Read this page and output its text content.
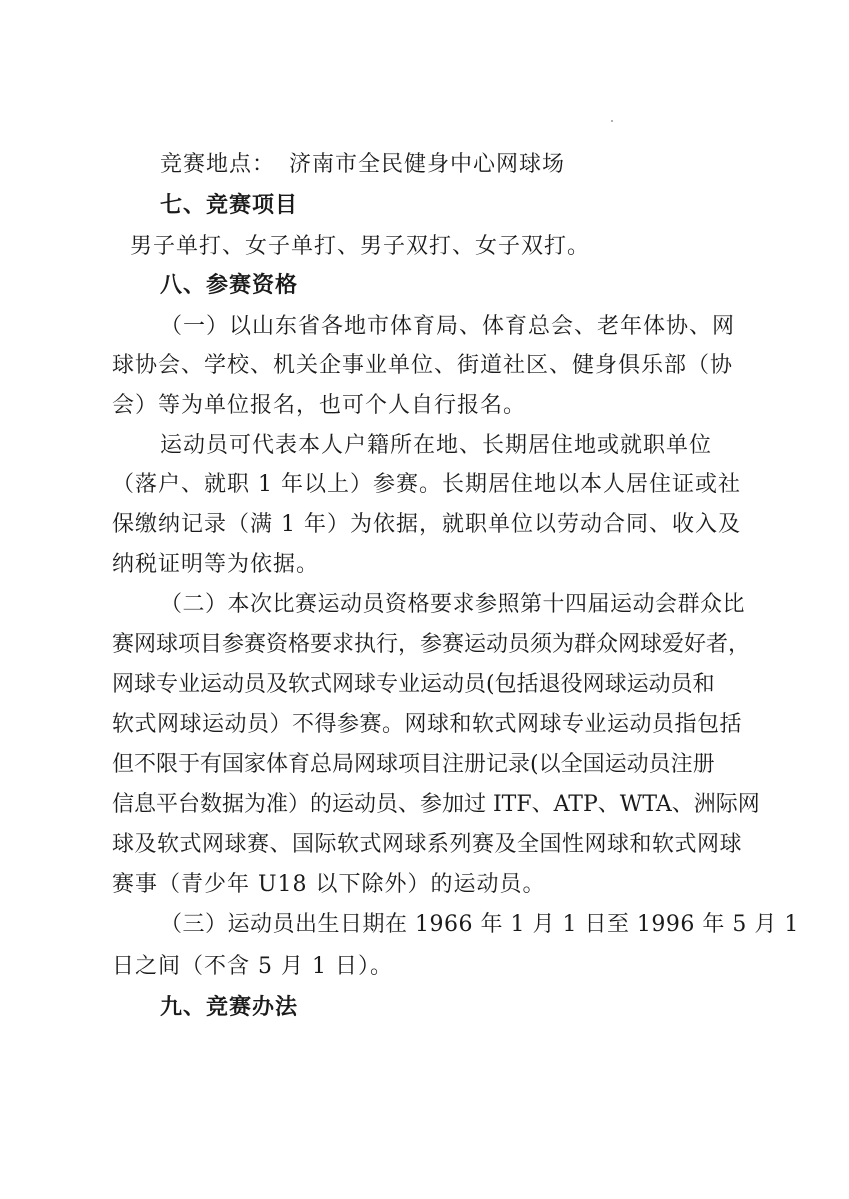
竞赛地点： 济南市全民健身中心网球场
七、竞赛项目
男子单打、女子单打、男子双打、女子双打。
八、参赛资格
（一）以山东省各地市体育局、体育总会、老年体协、网
球协会、学校、机关企事业单位、街道社区、健身俱乐部（协
会）等为单位报名，也可个人自行报名。
运动员可代表本人户籍所在地、长期居住地或就职单位
（落户、就职 1 年以上）参赛。长期居住地以本人居住证或社
保缴纳记录（满 1 年）为依据，就职单位以劳动合同、收入及
纳税证明等为依据。
（二）本次比赛运动员资格要求参照第十四届运动会群众比
赛网球项目参赛资格要求执行，参赛运动员须为群众网球爱好者，
网球专业运动员及软式网球专业运动员(包括退役网球运动员和
软式网球运动员）不得参赛。网球和软式网球专业运动员指包括
但不限于有国家体育总局网球项目注册记录(以全国运动员注册
信息平台数据为准）的运动员、参加过 ITF、ATP、WTA、洲际网
球及软式网球赛、国际软式网球系列赛及全国性网球和软式网球
赛事（青少年 U18 以下除外）的运动员。
（三）运动员出生日期在 1966 年 1 月 1 日至 1996 年 5 月 1
日之间（不含 5 月 1 日）。
九、竞赛办法
